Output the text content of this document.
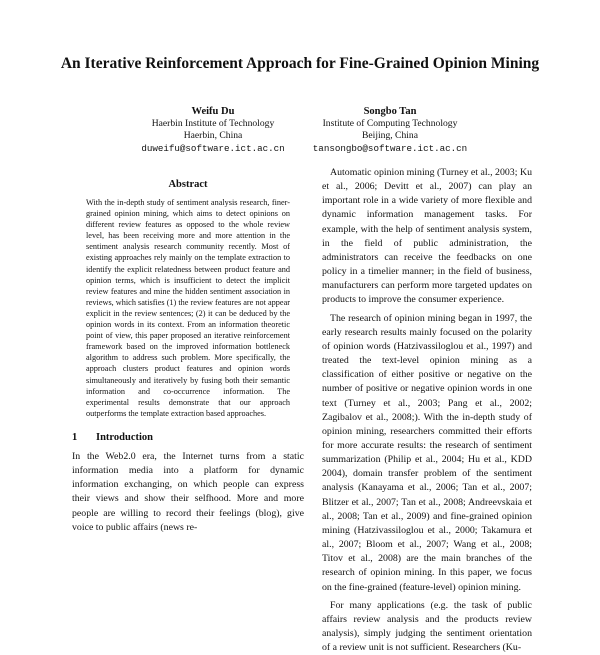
An Iterative Reinforcement Approach for Fine-Grained Opinion Mining
Weifu Du
Haerbin Institute of Technology
Haerbin, China
duweifu@software.ict.ac.cn
Songbo Tan
Institute of Computing Technology
Beijing, China
tansongbo@software.ict.ac.cn
Abstract
With the in-depth study of sentiment analysis research, finer-grained opinion mining, which aims to detect opinions on different review features as opposed to the whole review level, has been receiving more and more attention in the sentiment analysis research community recently. Most of existing approaches rely mainly on the template extraction to identify the explicit relatedness between product feature and opinion terms, which is insufficient to detect the implicit review features and mine the hidden sentiment association in reviews, which satisfies (1) the review features are not appear explicit in the review sentences; (2) it can be deduced by the opinion words in its context. From an information theoretic point of view, this paper proposed an iterative reinforcement framework based on the improved information bottleneck algorithm to address such problem. More specifically, the approach clusters product features and opinion words simultaneously and iteratively by fusing both their semantic information and co-occurrence information. The experimental results demonstrate that our approach outperforms the template extraction based approaches.
1 Introduction

In the Web2.0 era, the Internet turns from a static information media into a platform for dynamic information exchanging, on which people can express their views and show their selfhood. More and more people are willing to record their feelings (blog), give voice to public affairs (news re-

Automatic opinion mining (Turney et al., 2003; Ku et al., 2006; Devitt et al., 2007) can play an important role in a wide variety of more flexible and dynamic information management tasks. For example, with the help of sentiment analysis system, in the field of public administration, the administrators can receive the feedbacks on one policy in a timelier manner; in the field of business, manufacturers can perform more targeted updates on products to improve the consumer experience.

The research of opinion mining began in 1997, the early research results mainly focused on the polarity of opinion words (Hatzivassiloglou et al., 1997) and treated the text-level opinion mining as a classification of either positive or negative on the number of positive or negative opinion words in one text (Turney et al., 2003; Pang et al., 2002; Zagibalov et al., 2008;). With the in-depth study of opinion mining, researchers committed their efforts for more accurate results: the research of sentiment summarization (Philip et al., 2004; Hu et al., KDD 2004), domain transfer problem of the sentiment analysis (Kanayama et al., 2006; Tan et al., 2007; Blitzer et al., 2007; Tan et al., 2008; Andreevskaia et al., 2008; Tan et al., 2009) and fine-grained opinion mining (Hatzivassiloglou et al., 2000; Takamura et al., 2007; Bloom et al., 2007; Wang et al., 2008; Titov et al., 2008) are the main branches of the research of opinion mining. In this paper, we focus on the fine-grained (feature-level) opinion mining.

For many applications (e.g. the task of public affairs review analysis and the products review analysis), simply judging the sentiment orientation of a review unit is not sufficient. Researchers (Ku-
